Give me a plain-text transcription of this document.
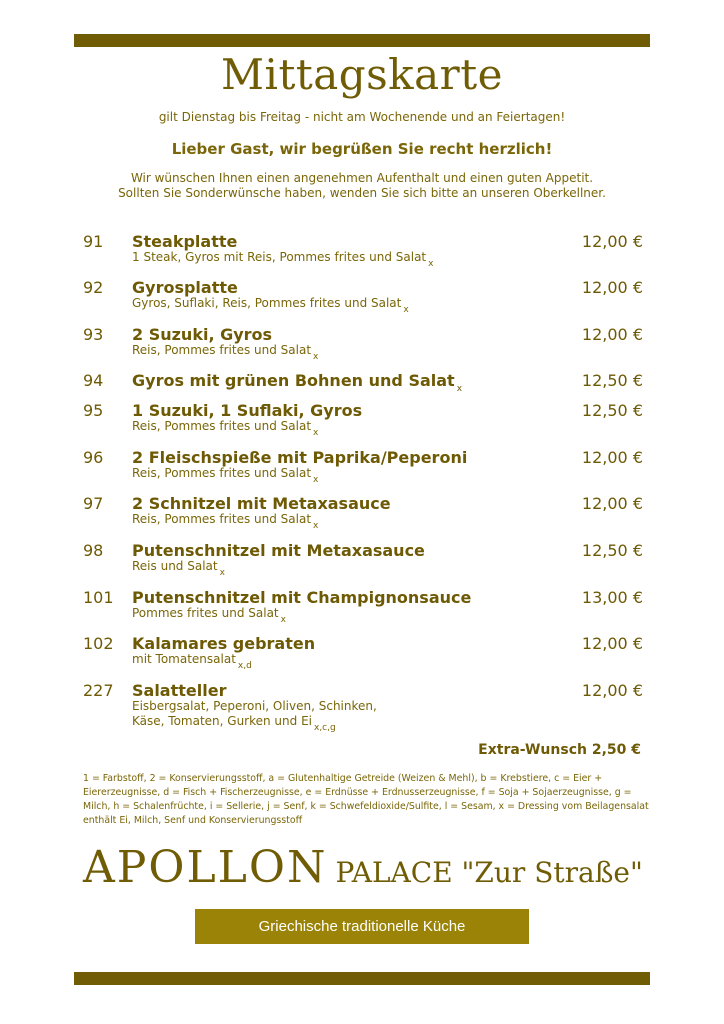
Mittagskarte
gilt Dienstag bis Freitag - nicht am Wochenende und an Feiertagen!
Lieber Gast, wir begrüßen Sie recht herzlich!
Wir wünschen Ihnen einen angenehmen Aufenthalt und einen guten Appetit.
Sollten Sie Sonderwünsche haben, wenden Sie sich bitte an unseren Oberkellner.
91 Steakplatte	12,00 €
1 Steak, Gyros mit Reis, Pommes frites und Salat $_x$
92 Gyrosplatte	12,00 €
Gyros, Suflaki, Reis, Pommes frites und Salat $_x$
93 2 Suzuki, Gyros	12,00 €
Reis, Pommes frites und Salat $_x$
94 Gyros mit grünen Bohnen und Salat $_x$	12,50 €
95 1 Suzuki, 1 Suflaki, Gyros	12,50 €
Reis, Pommes frites und Salat $_x$
96 2 Fleischspieße mit Paprika/Peperoni	12,00 €
Reis, Pommes frites und Salat $_x$
97 2 Schnitzel mit Metaxasauce	12,00 €
Reis, Pommes frites und Salat $_x$
98 Putenschnitzel mit Metaxasauce	12,50 €
Reis und Salat $_x$
101 Putenschnitzel mit Champignonsauce	13,00 €
Pommes frites und Salat $_x$
102 Kalamares gebraten	12,00 €
mit Tomatensalat $_{x,d}$
227 Salatteller	12,00 €
Eisbergsalat, Peperoni, Oliven, Schinken,
Käse, Tomaten, Gurken und Ei $_{x,c,g}$
Extra-Wunsch 2,50 €
1 = Farbstoff, 2 = Konservierungsstoff, a = Glutenhaltige Getreide (Weizen & Mehl), b = Krebstiere, c = Eier + Eiererzeugnisse, d = Fisch + Fischerzeugnisse, e = Erdnüsse + Erdnusserzeugnisse, f = Soja + Sojaerzeugnisse, g = Milch, h = Schalenfrüchte, i = Sellerie, j = Senf, k = Schwefeldioxide/Sulfite, l = Sesam, x = Dressing vom Beilagensalat enthält Ei, Milch, Senf und Konservierungsstoff
APOLLON PALACE "Zur Straße"
Griechische traditionelle Küche
